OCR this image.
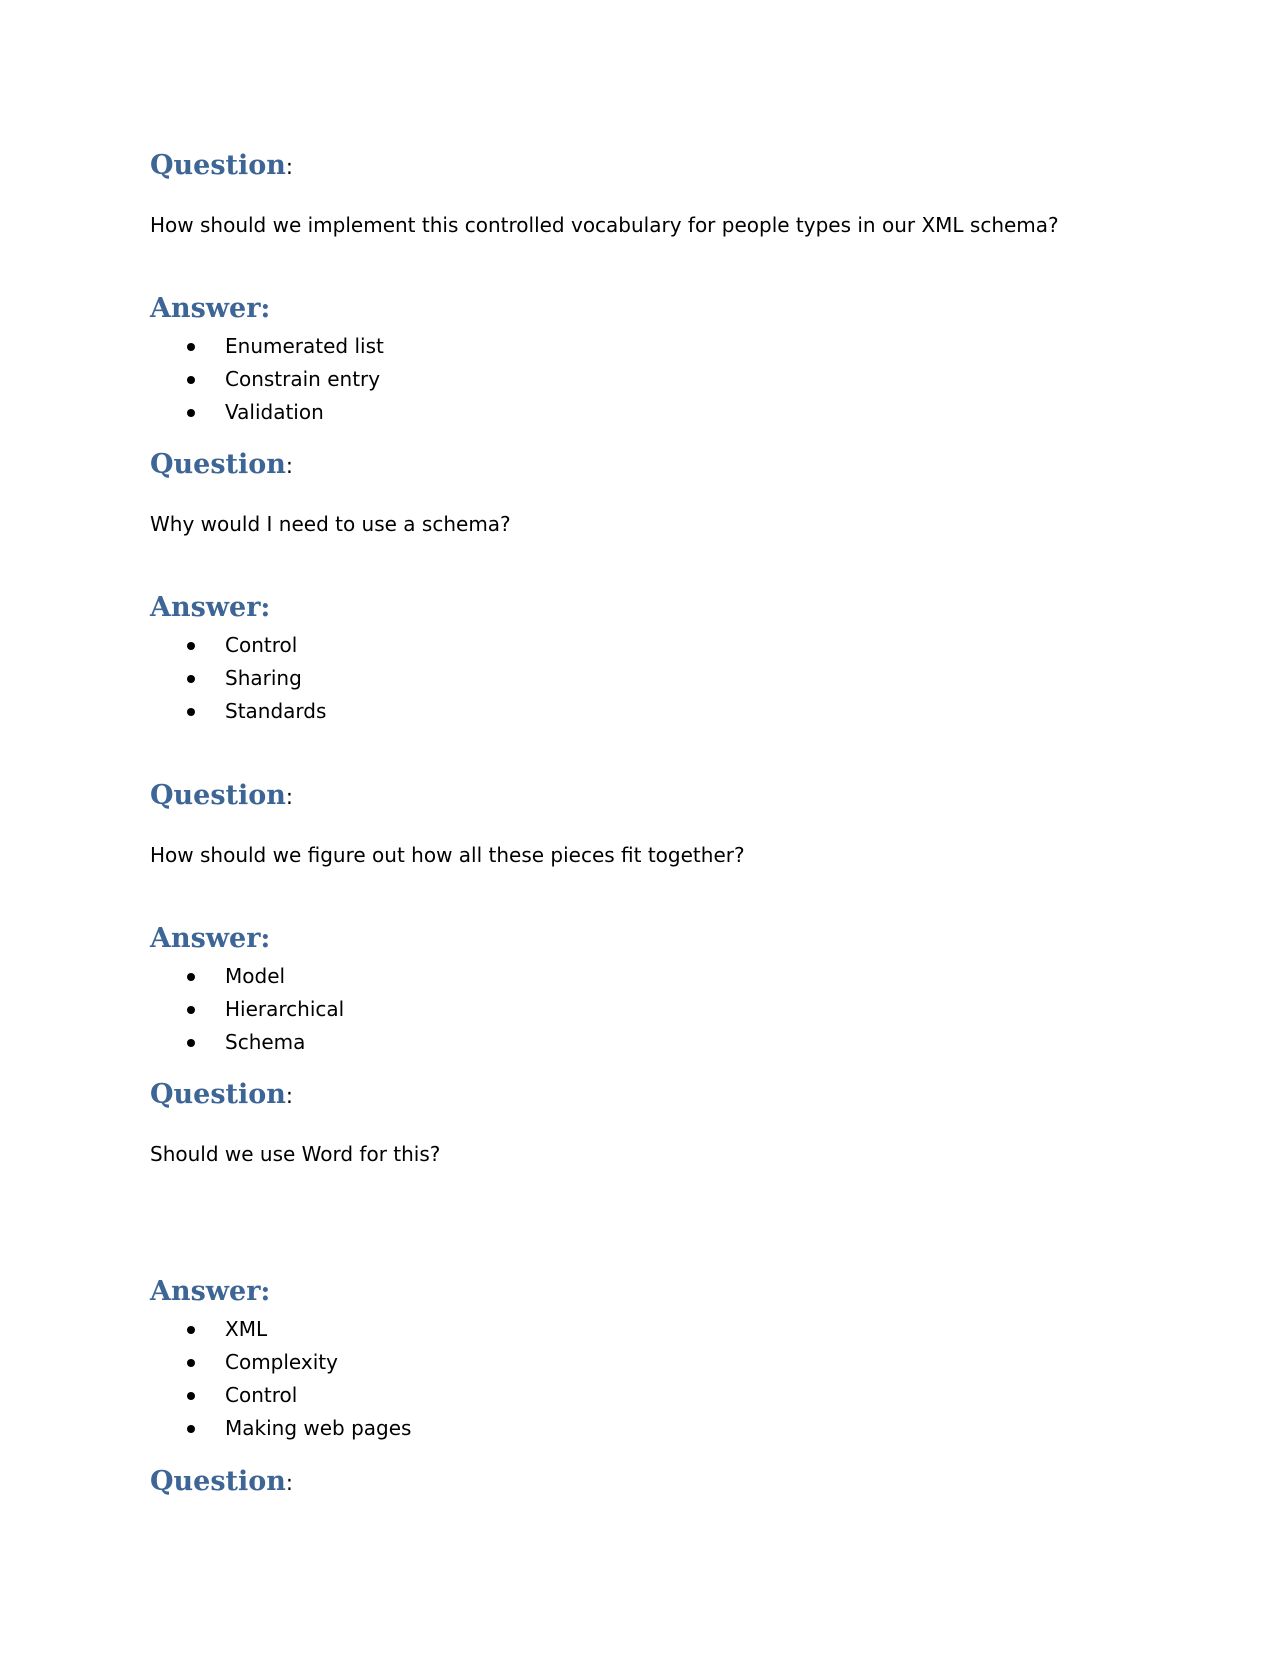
Question:

How should we implement this controlled vocabulary for people types in our XML schema?

Answer:
Enumerated list
Constrain entry
Validation
Question:

Why would I need to use a schema?

Answer:
Control
Sharing
Standards
Question:

How should we figure out how all these pieces fit together?

Answer:
Model
Hierarchical
Schema
Question:

Should we use Word for this?

Answer:
XML
Complexity
Control
Making web pages
Question:
